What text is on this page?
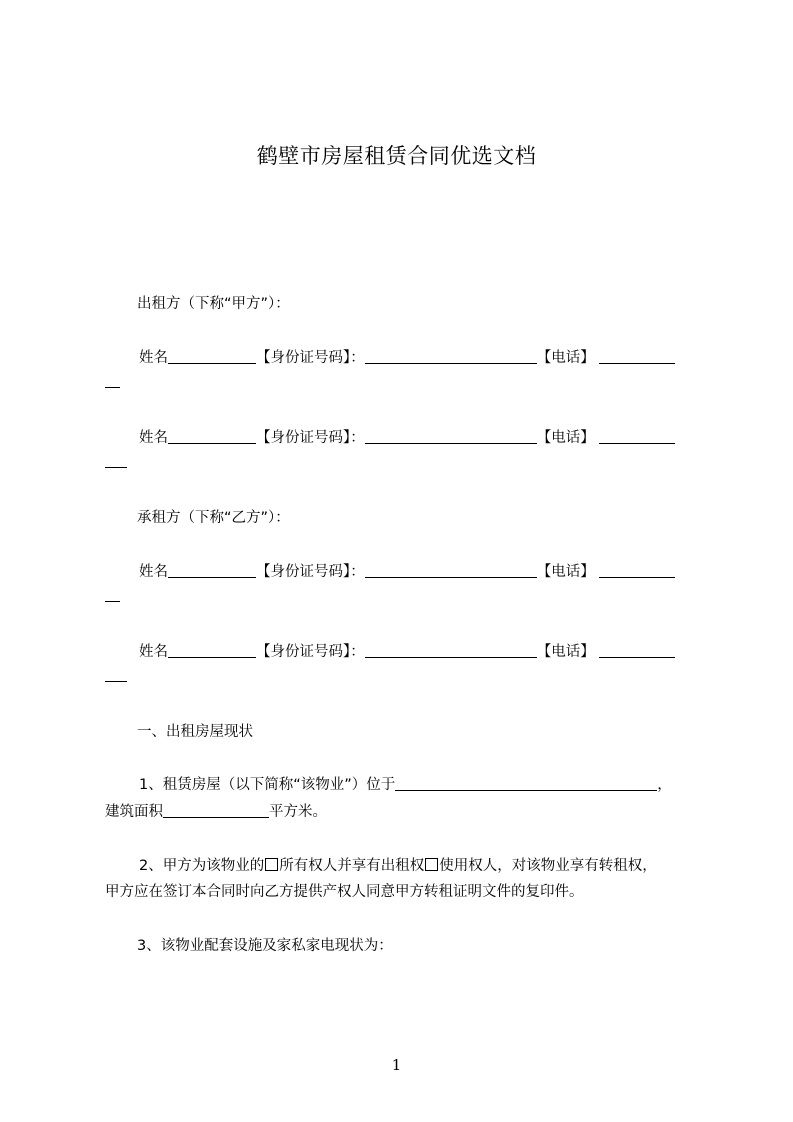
鹤壁市房屋租赁合同优选文档
出租方（下称“甲方”）：
姓名	【身份证号码】：	【电话】
姓名	【身份证号码】：	【电话】
承租方（下称“乙方”）：
姓名	【身份证号码】：	【电话】
姓名	【身份证号码】：	【电话】
一、出租房屋现状
1、租赁房屋（以下简称“该物业”）位于	，
建筑面积	平方米。
2、甲方为该物业的 所有权人并享有出租权 使用权人，对该物业享有转租权，
甲方应在签订本合同时向乙方提供产权人同意甲方转租证明文件的复印件。
3、该物业配套设施及家私家电现状为：
1
